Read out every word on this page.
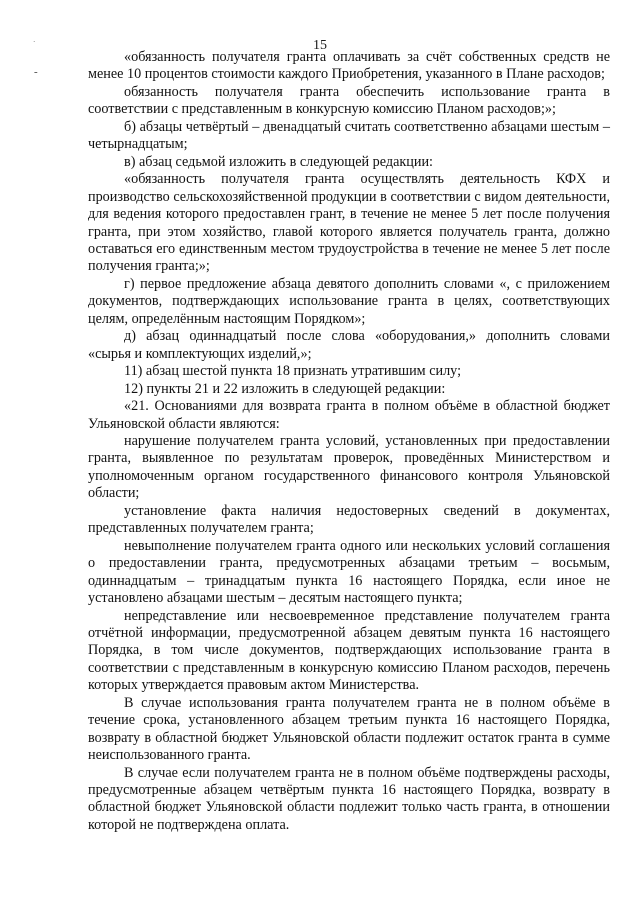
15
·
-

«обязанность получателя гранта оплачивать за счёт собственных средств не менее 10 процентов стоимости каждого Приобретения, указанного в Плане расходов;

обязанность получателя гранта обеспечить использование гранта в соответствии с представленным в конкурсную комиссию Планом расходов;»;

б) абзацы четвёртый – двенадцатый считать соответственно абзацами шестым – четырнадцатым;

в) абзац седьмой изложить в следующей редакции:

«обязанность получателя гранта осуществлять деятельность КФХ и производство сельскохозяйственной продукции в соответствии с видом деятельности, для ведения которого предоставлен грант, в течение не менее 5 лет после получения гранта, при этом хозяйство, главой которого является получатель гранта, должно оставаться его единственным местом трудоустройства в течение не менее 5 лет после получения гранта;»;

г) первое предложение абзаца девятого дополнить словами «, с приложением документов, подтверждающих использование гранта в целях, соответствующих целям, определённым настоящим Порядком»;

д) абзац одиннадцатый после слова «оборудования,» дополнить словами «сырья и комплектующих изделий,»;

11) абзац шестой пункта 18 признать утратившим силу;

12) пункты 21 и 22 изложить в следующей редакции:

«21. Основаниями для возврата гранта в полном объёме в областной бюджет Ульяновской области являются:

нарушение получателем гранта условий, установленных при предоставлении гранта, выявленное по результатам проверок, проведённых Министерством и уполномоченным органом государственного финансового контроля Ульяновской области;

установление факта наличия недостоверных сведений в документах, представленных получателем гранта;

невыполнение получателем гранта одного или нескольких условий соглашения о предоставлении гранта, предусмотренных абзацами третьим – восьмым, одиннадцатым – тринадцатым пункта 16 настоящего Порядка, если иное не установлено абзацами шестым – десятым настоящего пункта;

непредставление или несвоевременное представление получателем гранта отчётной информации, предусмотренной абзацем девятым пункта 16 настоящего Порядка, в том числе документов, подтверждающих использование гранта в соответствии с представленным в конкурсную комиссию Планом расходов, перечень которых утверждается правовым актом Министерства.

В случае использования гранта получателем гранта не в полном объёме в течение срока, установленного абзацем третьим пункта 16 настоящего Порядка, возврату в областной бюджет Ульяновской области подлежит остаток гранта в сумме неиспользованного гранта.

В случае если получателем гранта не в полном объёме подтверждены расходы, предусмотренные абзацем четвёртым пункта 16 настоящего Порядка, возврату в областной бюджет Ульяновской области подлежит только часть гранта, в отношении которой не подтверждена оплата.
